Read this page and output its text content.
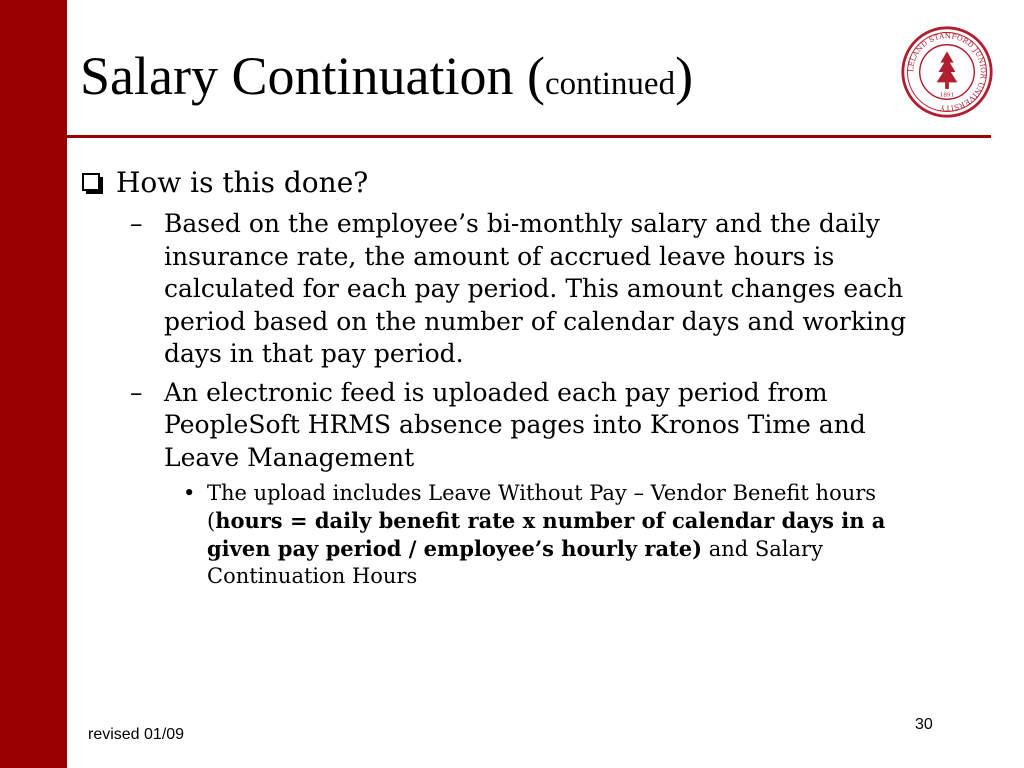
Salary Continuation (continued)	LELAND STANFORD JUNIOR UNIVERSITY
1891
How is this done?
– Based on the employee’s bi-monthly salary and the daily insurance rate, the amount of accrued leave hours is calculated for each pay period. This amount changes each period based on the number of calendar days and working days in that pay period.
– An electronic feed is uploaded each pay period from PeopleSoft HRMS absence pages into Kronos Time and Leave Management
• The upload includes Leave Without Pay – Vendor Benefit hours (hours = daily benefit rate x number of calendar days in a given pay period / employee’s hourly rate) and Salary Continuation Hours
revised 01/09
30
